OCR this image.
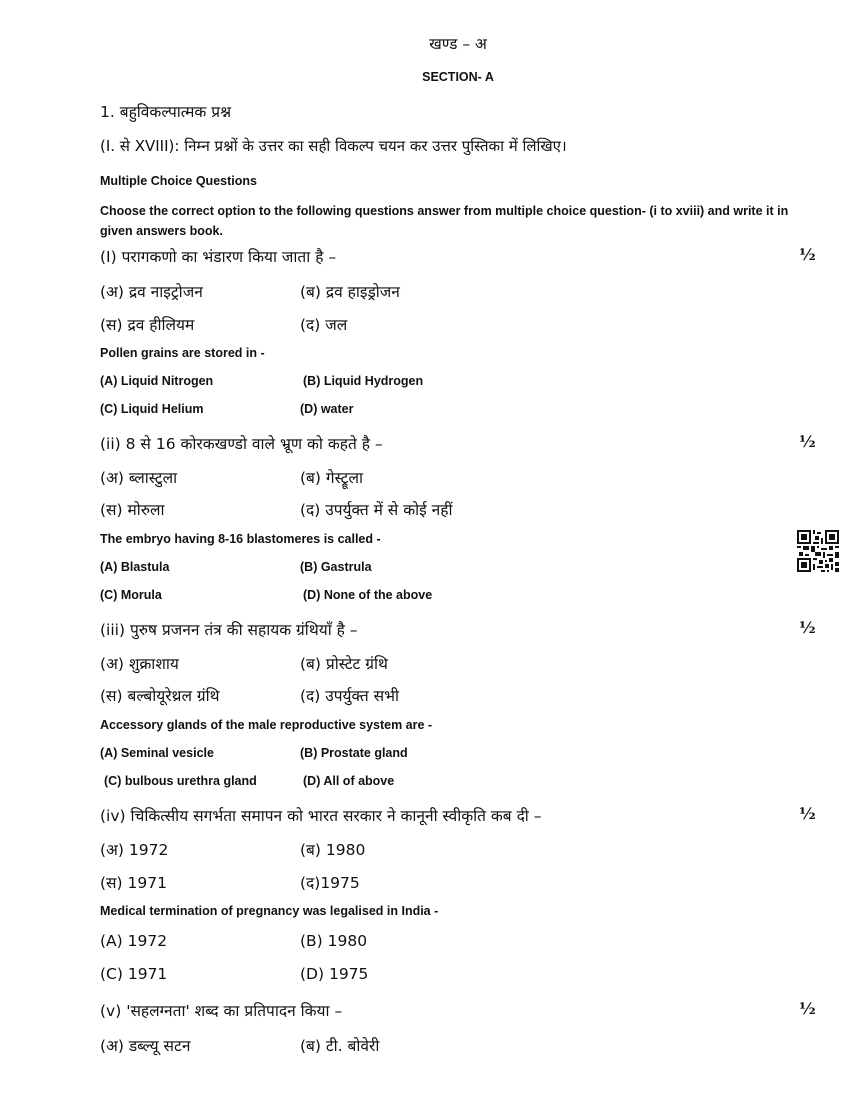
खण्ड – अ
SECTION- A
1. बहुविकल्पात्मक प्रश्न
(I. से XVIII): निम्न प्रश्नों के उत्तर का सही विकल्प चयन कर उत्तर पुस्तिका में लिखिए।
Multiple Choice Questions
Choose the correct option to the following questions answer from multiple choice question- (i to xviii) and write it in given answers book.
(I) परागकणो का भंडारण किया जाता है –	½
(अ) द्रव नाइट्रोजन	(ब) द्रव हाइड्रोजन
(स) द्रव हीलियम	(द) जल
Pollen grains are stored in -
(A) Liquid Nitrogen	(B) Liquid Hydrogen
(C) Liquid Helium	(D) water
(ii) 8 से 16 कोरकखण्डो वाले भ्रूण को कहते है –	½
(अ) ब्लास्टुला	(ब) गेस्ट्रूला
(स) मोरुला	(द) उपर्युक्त में से कोई नहीं
The embryo having 8-16 blastomeres is called -
(A) Blastula	(B) Gastrula
(C) Morula	(D) None of the above
(iii) पुरुष प्रजनन तंत्र की सहायक ग्रंथियाँ है –	½
(अ) शुक्राशाय	(ब) प्रोस्टेट ग्रंथि
(स) बल्बोयूरेथ्रल ग्रंथि	(द) उपर्युक्त सभी
Accessory glands of the male reproductive system are -
(A) Seminal vesicle	(B) Prostate gland
(C) bulbous urethra gland	(D) All of above
(iv) चिकित्सीय सगर्भता समापन को भारत सरकार ने कानूनी स्वीकृति कब दी –	½
(अ) 1972	(ब) 1980
(स) 1971	(द)1975
Medical termination of pregnancy was legalised in India -
(A) 1972	(B) 1980
(C) 1971	(D) 1975
(v) 'सहलग्नता' शब्द का प्रतिपादन किया –	½
(अ) डब्ल्यू सटन	(ब) टी. बोवेरी
